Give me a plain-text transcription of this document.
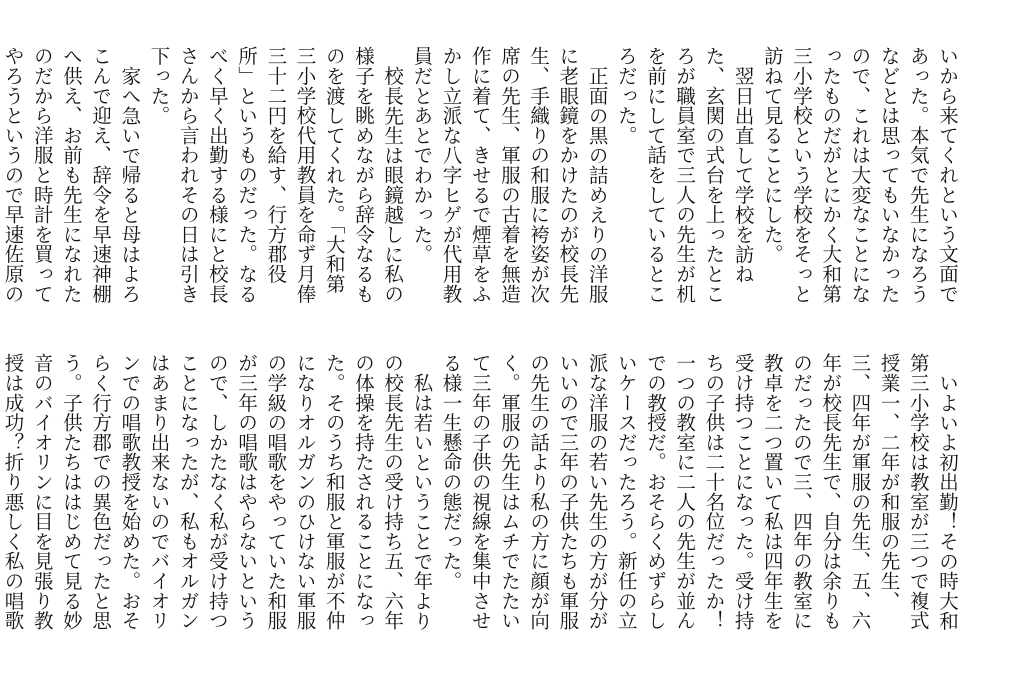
いから来てくれという文面であった。本気で先生になろうなどとは思ってもいなかったので、これは大変なことになったものだがとにかく大和第三小学校という学校をそっと訪ねて見ることにした。

翌日出直して学校を訪ねた、玄関の式台を上ったところが職員室で三人の先生が机を前にして話をしているところだった。

正面の黒の詰めえりの洋服に老眼鏡をかけたのが校長先生、手織りの和服に袴姿が次席の先生、軍服の古着を無造作に着て、きせるで煙草をふかし立派な八字ヒゲが代用教員だとあとでわかった。

校長先生は眼鏡越しに私の様子を眺めながら辞令なるものを渡してくれた。「大和第三小学校代用教員を命ず月俸三十二円を給す、行方郡役所」というものだった。なるべく早く出勤する様にと校長さんから言われその日は引き下った。

家へ急いで帰ると母はよろこんで迎え、辞令を早速神棚へ供え、お前も先生になれたのだから洋服と時計を買ってやろうというので早速佐原の

いよいよ初出勤！その時大和第三小学校は教室が三つで複式授業一、二年が和服の先生、三、四年が軍服の先生、五、六年が校長先生で、自分は余りものだったので三、四年の教室に教卓を二つ置いて私は四年生を受け持つことになった。受け持ちの子供は二十名位だったか！一つの教室に二人の先生が並んでの教授だ。おそらくめずらしいケースだったろう。新任の立派な洋服の若い先生の方が分がいいので三年の子供たちも軍服の先生の話より私の方に顔が向く。軍服の先生はムチでたたいて三年の子供の視線を集中させる様一生懸命の態だった。

私は若いということで年よりの校長先生の受け持ち五、六年の体操を持たされることになった。そのうち和服と軍服が不仲になりオルガンのひけない軍服の学級の唱歌をやっていた和服が三年の唱歌はやらないというので、しかたなく私が受け持つことになったが、私もオルガンはあまり出来ないのでバイオリンでの唱歌教授を始めた。おそらく行方郡での異色だったと思う。子供たちははじめて見る妙音のバイオリンに目を見張り教授は成功？折り悪しく私の唱歌
